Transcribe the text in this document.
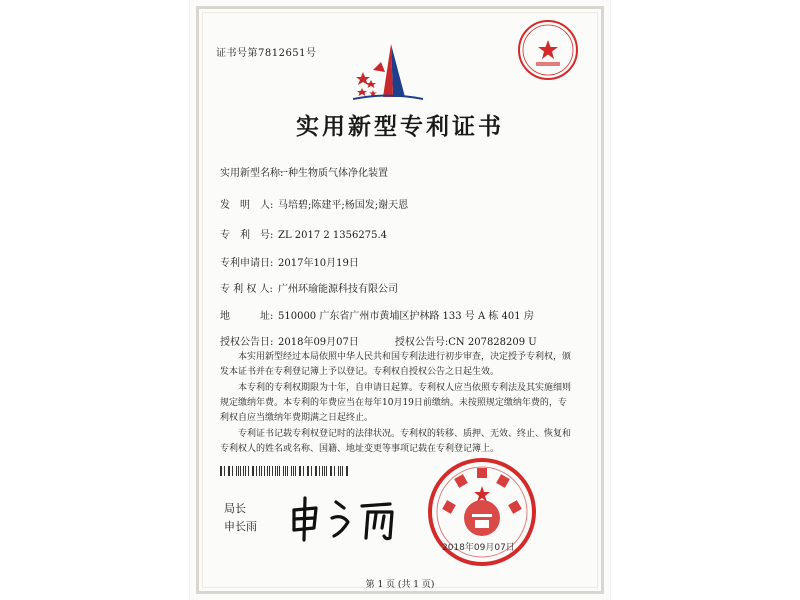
证书号第7812651号
实用新型专利证书
实用新型名称:一种生物质气体净化装置
发　明　人: 马培碧;陈建平;杨国发;谢天恩
专　利　号: ZL 2017 2 1356275.4
专利申请日: 2017年10月19日
专 利 权 人: 广州环瑜能源科技有限公司
地　　　址: 510000 广东省广州市黄埔区护林路 133 号 A 栋 401 房
授权公告日: 2018年09月07日	授权公告号:CN 207828209 U

本实用新型经过本局依照中华人民共和国专利法进行初步审查，决定授予专利权，颁发本证书并在专利登记簿上予以登记。专利权自授权公告之日起生效。

本专利的专利权期限为十年，自申请日起算。专利权人应当依照专利法及其实施细则规定缴纳年费。本专利的年费应当在每年10月19日前缴纳。未按照规定缴纳年费的，专利权自应当缴纳年费期满之日起终止。

专利证书记载专利权登记时的法律状况。专利权的转移、质押、无效、终止、恢复和专利权人的姓名或名称、国籍、地址变更等事项记载在专利登记簿上。

局长
申长雨
2018年09月07日
第 1 页 (共 1 页)
